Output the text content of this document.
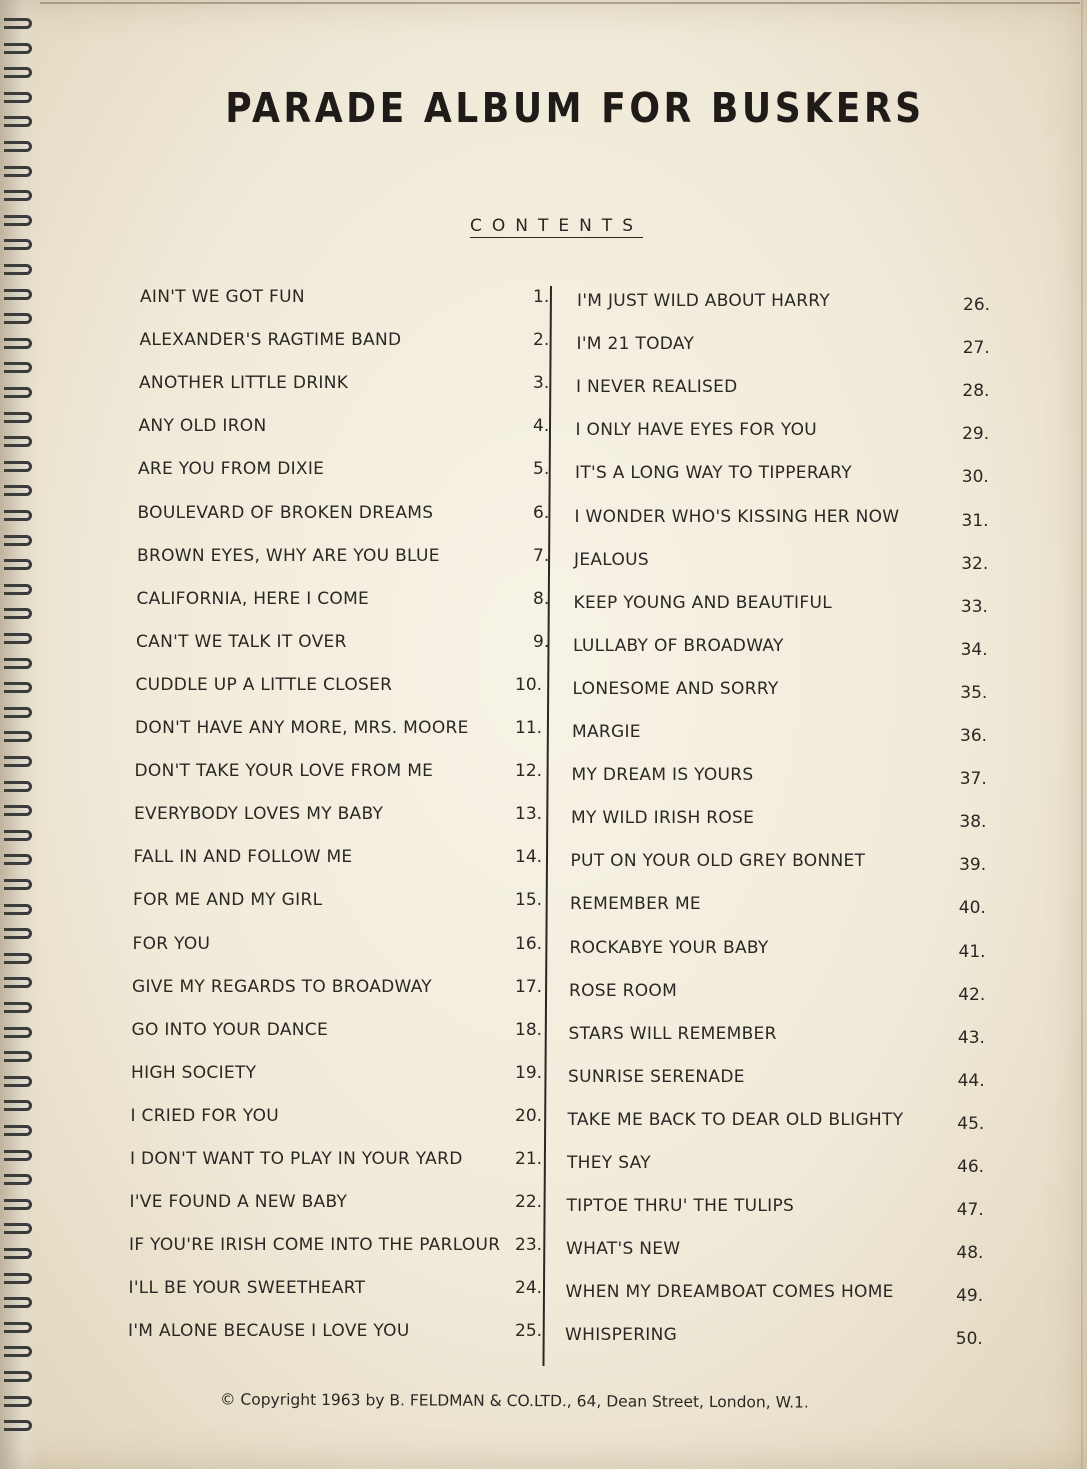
PARADE ALBUM FOR BUSKERS
CONTENTS
AIN'T WE GOT FUN	1.
ALEXANDER'S RAGTIME BAND	2.
ANOTHER LITTLE DRINK	3.
ANY OLD IRON	4.
ARE YOU FROM DIXIE	5.
BOULEVARD OF BROKEN DREAMS	6.
BROWN EYES, WHY ARE YOU BLUE	7.
CALIFORNIA, HERE I COME	8.
CAN'T WE TALK IT OVER	9.
CUDDLE UP A LITTLE CLOSER	10.
DON'T HAVE ANY MORE, MRS. MOORE	11.
DON'T TAKE YOUR LOVE FROM ME	12.
EVERYBODY LOVES MY BABY	13.
FALL IN AND FOLLOW ME	14.
FOR ME AND MY GIRL	15.
FOR YOU	16.
GIVE MY REGARDS TO BROADWAY	17.
GO INTO YOUR DANCE	18.
HIGH SOCIETY	19.
I CRIED FOR YOU	20.
I DON'T WANT TO PLAY IN YOUR YARD	21.
I'VE FOUND A NEW BABY	22.
IF YOU'RE IRISH COME INTO THE PARLOUR 23.
I'LL BE YOUR SWEETHEART	24.
I'M ALONE BECAUSE I LOVE YOU	25.
I'M JUST WILD ABOUT HARRY	26.
I'M 21 TODAY	27.
I NEVER REALISED	28.
I ONLY HAVE EYES FOR YOU	29.
IT'S A LONG WAY TO TIPPERARY	30.
I WONDER WHO'S KISSING HER NOW	31.
JEALOUS	32.
KEEP YOUNG AND BEAUTIFUL	33.
LULLABY OF BROADWAY	34.
LONESOME AND SORRY	35.
MARGIE	36.
MY DREAM IS YOURS	37.
MY WILD IRISH ROSE	38.
PUT ON YOUR OLD GREY BONNET	39.
REMEMBER ME	40.
ROCKABYE YOUR BABY	41.
ROSE ROOM	42.
STARS WILL REMEMBER	43.
SUNRISE SERENADE	44.
TAKE ME BACK TO DEAR OLD BLIGHTY	45.
THEY SAY	46.
TIPTOE THRU' THE TULIPS	47.
WHAT'S NEW	48.
WHEN MY DREAMBOAT COMES HOME	49.
WHISPERING	50.
© Copyright 1963 by B. FELDMAN & CO.LTD., 64, Dean Street, London, W.1.
